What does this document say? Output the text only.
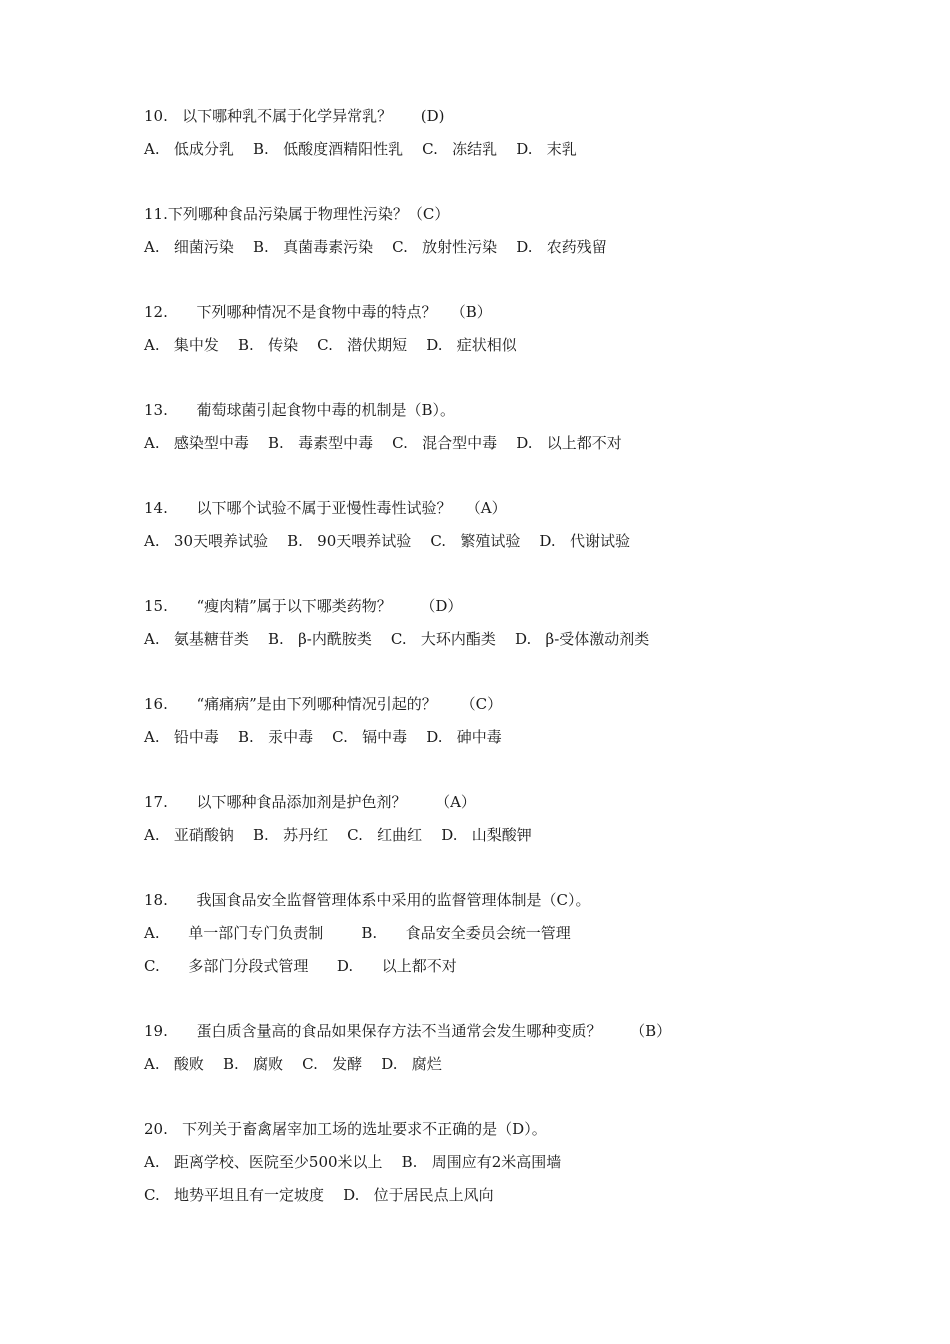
10.   以下哪种乳不属于化学异常乳？      (D)
A.   低成分乳    B.   低酸度酒精阳性乳    C.   冻结乳    D.   末乳
11.下列哪种食品污染属于物理性污染？（C）
A.   细菌污染    B.   真菌毒素污染    C.   放射性污染    D.   农药残留
12.      下列哪种情况不是食物中毒的特点？   （B）
A.   集中发    B.   传染    C.   潜伏期短    D.   症状相似
13.      葡萄球菌引起食物中毒的机制是（B）。
A.   感染型中毒    B.   毒素型中毒    C.   混合型中毒    D.   以上都不对
14.      以下哪个试验不属于亚慢性毒性试验？   （A）
A.   30天喂养试验    B.   90天喂养试验    C.   繁殖试验    D.   代谢试验
15.      “瘦肉精”属于以下哪类药物？      （D）
A.   氨基糖苷类    B.   β-内酰胺类    C.   大环内酯类    D.   β-受体激动剂类
16.      “痛痛病”是由下列哪种情况引起的？     （C）
A.   铅中毒    B.   汞中毒    C.   镉中毒    D.   砷中毒
17.      以下哪种食品添加剂是护色剂？      （A）
A.   亚硝酸钠    B.   苏丹红    C.   红曲红    D.   山梨酸钾
18.      我国食品安全监督管理体系中采用的监督管理体制是（C）。
A.      单一部门专门负责制        B.      食品安全委员会统一管理
C.      多部门分段式管理      D.      以上都不对
19.      蛋白质含量高的食品如果保存方法不当通常会发生哪种变质？      （B）
A.   酸败    B.   腐败    C.   发酵    D.   腐烂
20.   下列关于畜禽屠宰加工场的选址要求不正确的是（D）。
A.   距离学校、医院至少500米以上    B.   周围应有2米高围墙
C.   地势平坦且有一定坡度    D.   位于居民点上风向
